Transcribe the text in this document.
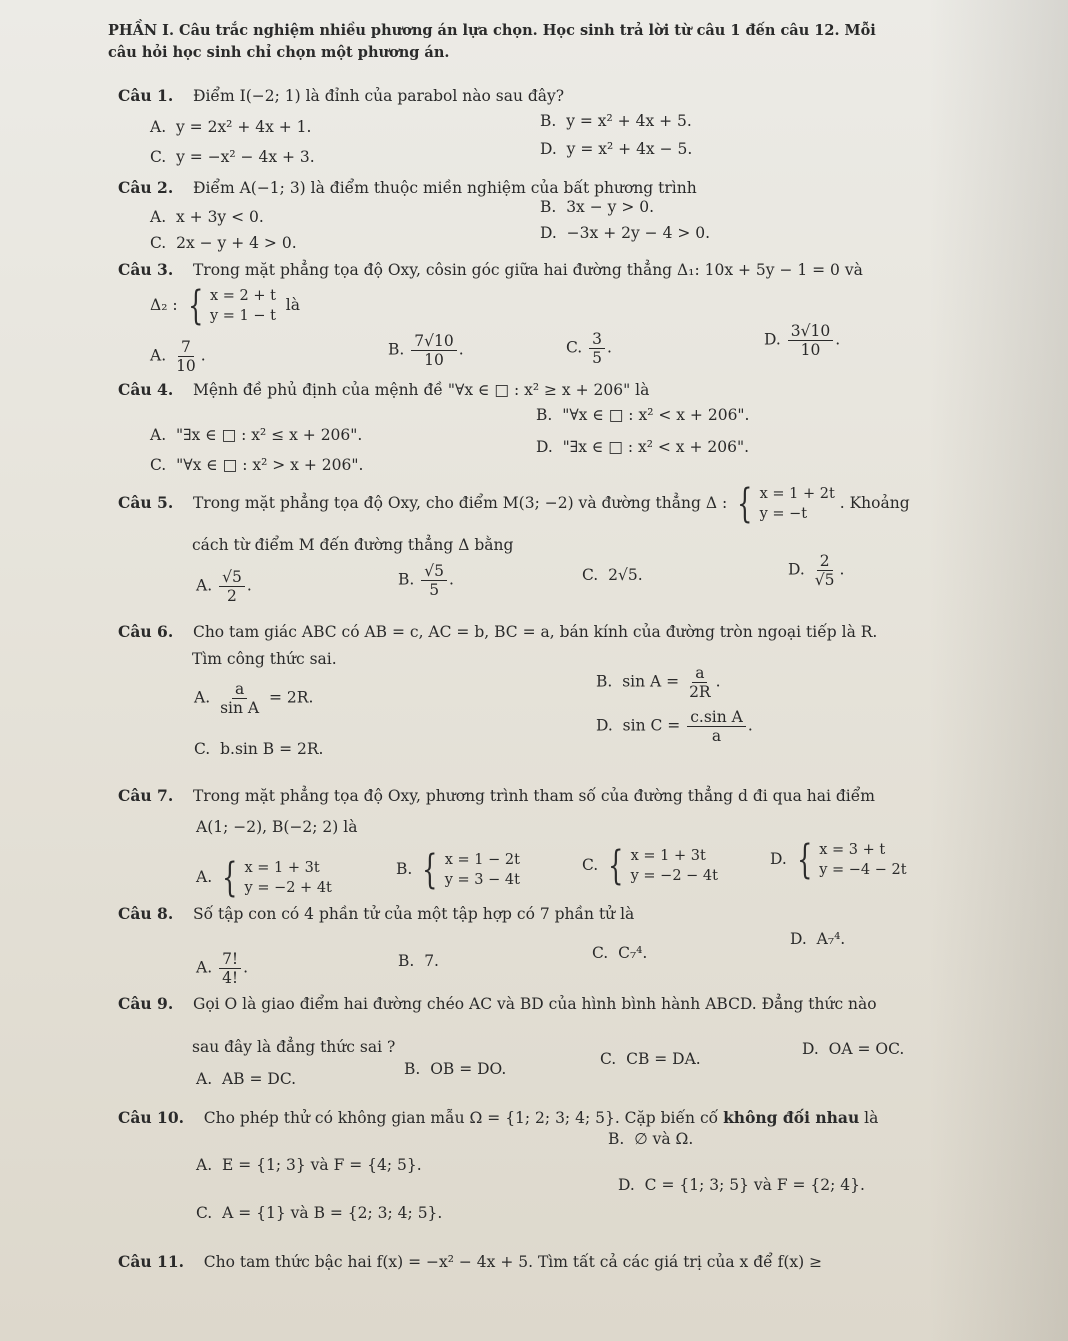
PHẦN I. Câu trắc nghiệm nhiều phương án lựa chọn. Học sinh trả lời từ câu 1 đến câu 12. Mỗi
câu hỏi học sinh chỉ chọn một phương án.
Câu 1. Điểm I(−2; 1) là đỉnh của parabol nào sau đây?
A. y = 2x² + 4x + 1.	B. y = x² + 4x + 5.
C. y = −x² − 4x + 3.	D. y = x² + 4x − 5.
Câu 2. Điểm A(−1; 3) là điểm thuộc miền nghiệm của bất phương trình
A. x + 3y < 0.
B. 3x − y > 0.
C. 2x − y + 4 > 0.
D. −3x + 2y − 4 > 0.
Câu 3. Trong mặt phẳng tọa độ Oxy, côsin góc giữa hai đường thẳng Δ₁: 10x + 5y − 1 = 0 và
Δ₂ : { x = 2 + t
y = 1 − t
là
A. $\frac{7}{10}$ .	B. $\frac{7√10}{10}$ .	C. $\frac{3}{5}$ .	D. $\frac{3√10}{10}$ .
Câu 4. Mệnh đề phủ định của mệnh đề "∀x ∈ □ : x² ≥ x + 206" là
A. "∃x ∈ □ : x² ≤ x + 206".
B. "∀x ∈ □ : x² < x + 206".
C. "∀x ∈ □ : x² > x + 206".
D. "∃x ∈ □ : x² < x + 206".
Câu 5. Trong mặt phẳng tọa độ Oxy, cho điểm M(3; −2) và đường thẳng Δ : { x = 1 + 2t
y = −t
. Khoảng
cách từ điểm M đến đường thẳng Δ bằng
A. $\frac{√5}{2}$ .	B. $\frac{√5}{5}$ .	C. 2√5.	D. $\frac{2}{√5}$ .
Câu 6. Cho tam giác ABC có AB = c, AC = b, BC = a, bán kính của đường tròn ngoại tiếp là R.
Tìm công thức sai.
A. $\frac{a}{\text{sin A}} = 2R$.
B. $\sin A = \frac{a}{2R}$ .
C. b.sin B = 2R.
D. $\sin C = \frac{\text{c.sin A}}{a}$ .
Câu 7. Trong mặt phẳng tọa độ Oxy, phương trình tham số của đường thẳng d đi qua hai điểm
A(1; −2), B(−2; 2) là
A. { x = 1 + 3t
y = −2 + 4t
B. { x = 1 − 2t
y = 3 − 4t
C. { x = 1 + 3t
y = −2 − 4t
D. { x = 3 + t
y = −4 − 2t
Câu 8. Số tập con có 4 phần tử của một tập hợp có 7 phần tử là
A. $\frac{7!}{4!}$ .	B. 7.	C. C₇⁴.
D. A₇⁴.
Câu 9. Gọi O là giao điểm hai đường chéo AC và BD của hình bình hành ABCD. Đẳng thức nào
sau đây là đẳng thức sai ?
A. AB = DC.
B. OB = DO.
C. CB = DA.
D. OA = OC.
Câu 10. Cho phép thử có không gian mẫu Ω = {1; 2; 3; 4; 5}. Cặp biến cố không đối nhau là
A. E = {1; 3} và F = {4; 5}.
B. ∅ và Ω.
C. A = {1} và B = {2; 3; 4; 5}.
D. C = {1; 3; 5} và F = {2; 4}.
Câu 11. Cho tam thức bậc hai f(x) = −x² − 4x + 5. Tìm tất cả các giá trị của x để f(x) ≥
